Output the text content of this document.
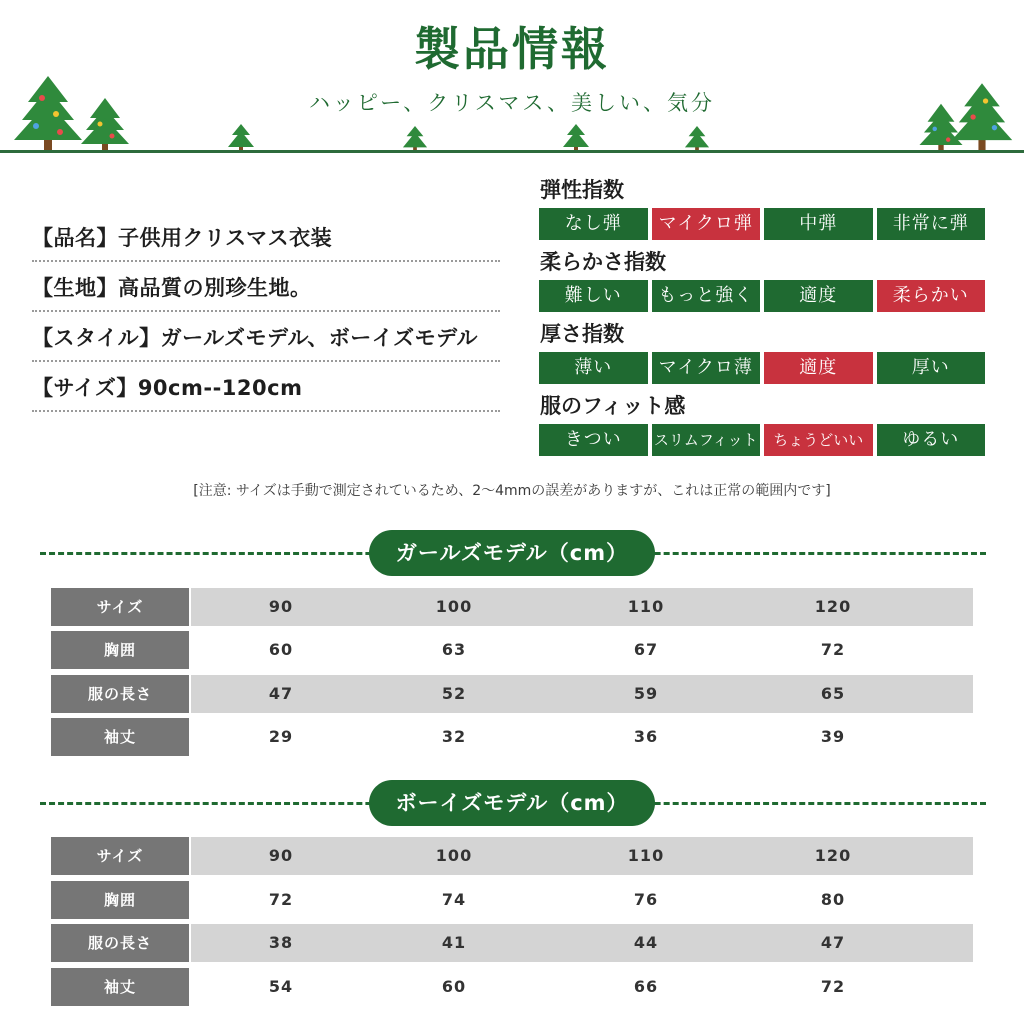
製品情報
ハッピー、クリスマス、美しい、気分
【品名】子供用クリスマス衣装
【生地】高品質の別珍生地。
【スタイル】ガールズモデル、ボーイズモデル
【サイズ】90cm--120cm
弾性指数
なし弾	マイクロ弾	中弾	非常に弾
柔らかさ指数
難しい	もっと強く	適度	柔らかい
厚さ指数
薄い	マイクロ薄	適度	厚い
服のフィット感
きつい	スリムフィット	ちょうどいい	ゆるい
[注意: サイズは手動で測定されているため、2〜4mmの誤差がありますが、これは正常の範囲内です]
ガールズモデル（cm）
サイズ	90	100	110	120
胸囲	60	63	67	72
服の長さ	47	52	59	65
袖丈	29	32	36	39
ボーイズモデル（cm）
サイズ	90	100	110	120
胸囲	72	74	76	80
服の長さ	38	41	44	47
袖丈	54	60	66	72
